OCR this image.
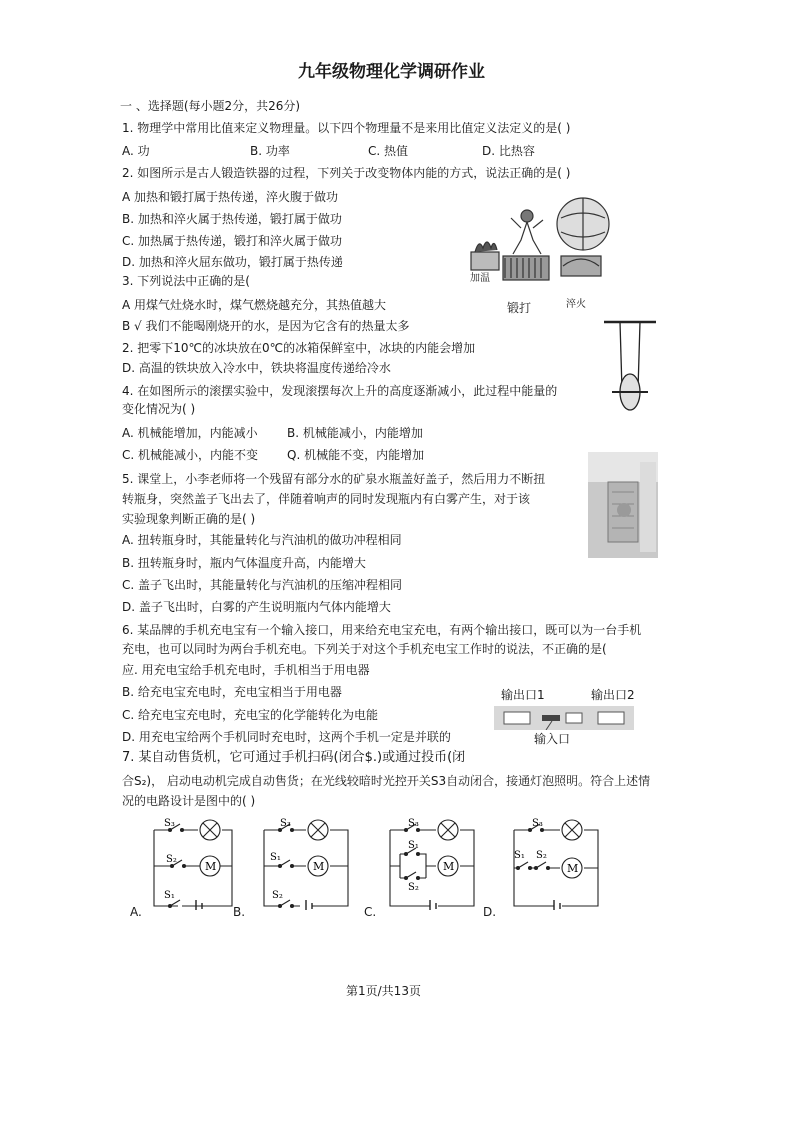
九年级物理化学调研作业
一 、选择题(每小题2分，共26分)
1. 物理学中常用比值来定义物理量。以下四个物理量不是来用比值定义法定义的是( )
A. 功	B. 功率	C. 热值	D. 比热容
2. 如图所示是古人锻造铁器的过程，下列关于改变物体内能的方式，说法正确的是( )
A 加热和锻打属于热传递，淬火腹于做功
B. 加热和淬火属于热传递，锻打属于做功
C. 加热属于热传递，锻打和淬火属于做功
D. 加热和淬火屈东做功，锻打属于热传递
加温
锻打	淬火
3. 下列说法中正确的是(
A 用煤气灶烧水时，煤气燃烧越充分，其热值越大
B √ 我们不能喝刚烧开的水，是因为它含有的热量太多
2. 把零下10℃的冰块放在0℃的冰箱保鲜室中，冰块的内能会增加
D. 高温的铁块放入冷水中，铁块将温度传递给冷水
4. 在如图所示的滚摆实验中，发现滚摆每次上升的高度逐渐减小，此过程中能量的
变化情况为( )
A. 机械能增加，内能减小 B. 机械能减小，内能增加
C. 机械能减小，内能不变 Q. 机械能不变，内能增加
5. 课堂上，小李老师将一个残留有部分水的矿泉水瓶盖好盖子，然后用力不断扭
转瓶身，突然盖子飞出去了，伴随着响声的同时发现瓶内有白雾产生，对于该
实验现象判断正确的是( )
A. 扭转瓶身时，其能量转化与汽油机的做功冲程相同
B. 扭转瓶身时，瓶内气体温度升高，内能增大
C. 盖子飞出时，其能量转化与汽油机的压缩冲程相同
D. 盖子飞出时，白雾的产生说明瓶内气体内能增大
6. 某品牌的手机充电宝有一个输入接口，用来给充电宝充电，有两个输出接口，既可以为一台手机
充电，也可以同时为两台手机充电。下列关于对这个手机充电宝工作时的说法，不正确的是(
应. 用充电宝给手机充电时，手机相当于用电器
B. 给充电宝充电时，充电宝相当于用电器
C. 给充电宝充电时，充电宝的化学能转化为电能
D. 用充电宝给两个手机同时充电时，这两个手机一定是并联的
输出口1	输出口2
输入口
7. 某自动售货机，它可通过手机扫码(闭合$.)或通过投币(闭
合S₂)， 启动电动机完成自动售货；在光线较暗时光控开关S3自动闭合，接通灯泡照明。符合上述情
况的电路设计是图中的( )
S₃
S₂
S₁
M
A.
S₃
S₁
S₂
M
B.
S₃
S₁
S₂
M
C.
S₃
S₁ S₂
M
D.
第1页/共13页
